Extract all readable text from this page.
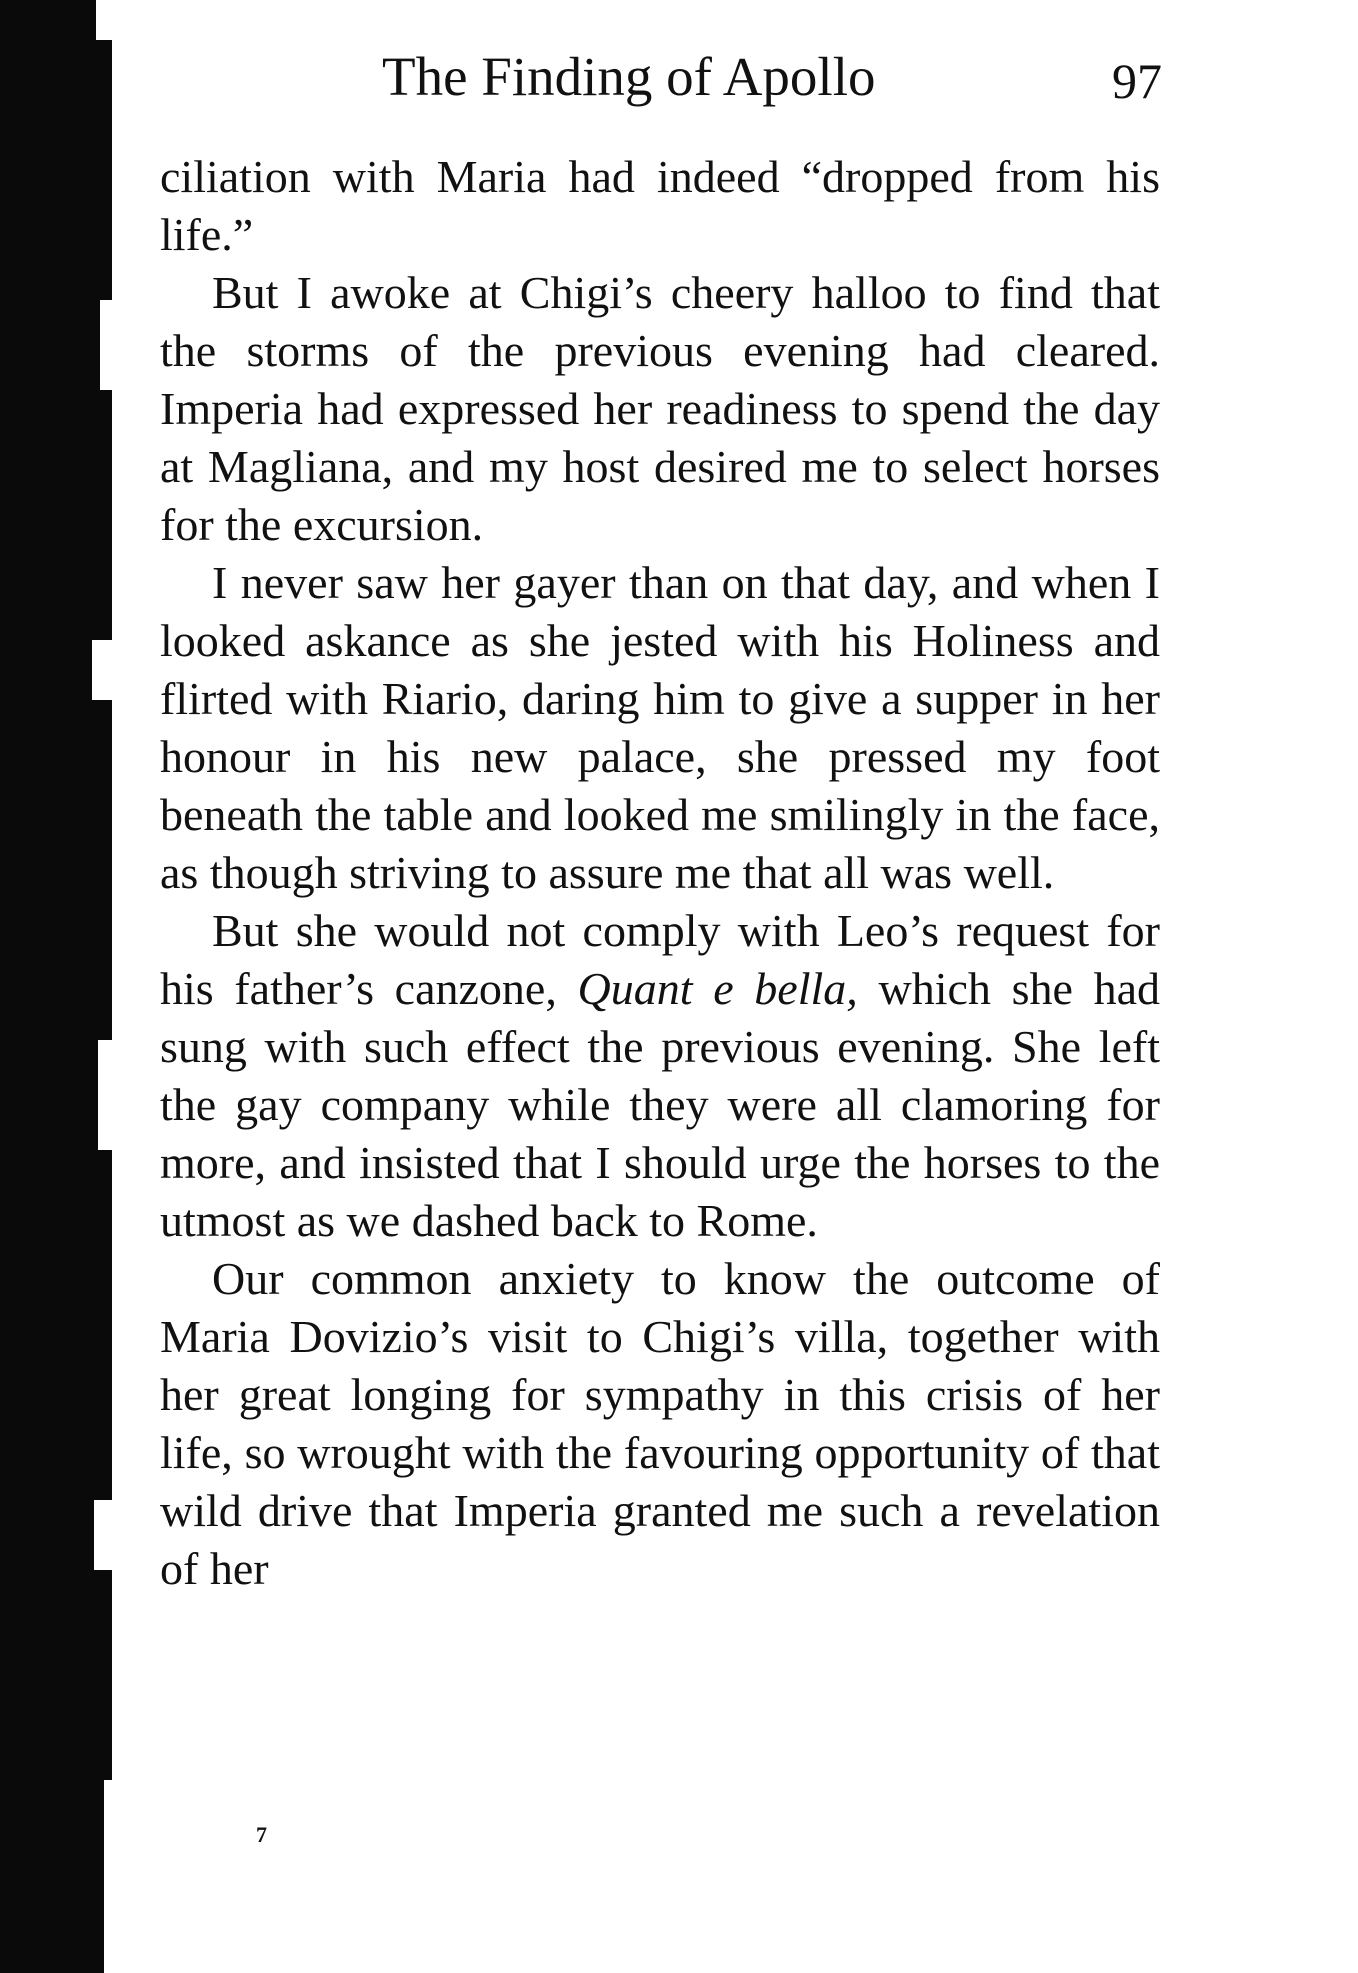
The Finding of Apollo	97

ciliation with Maria had indeed “dropped from his life.”

But I awoke at Chigi’s cheery halloo to find that the storms of the previous evening had cleared. Imperia had expressed her readiness to spend the day at Magliana, and my host desired me to select horses for the excursion.

I never saw her gayer than on that day, and when I looked askance as she jested with his Holiness and flirted with Riario, daring him to give a supper in her honour in his new palace, she pressed my foot beneath the table and looked me smilingly in the face, as though striving to assure me that all was well.

But she would not comply with Leo’s request for his father’s canzone, Quant e bella, which she had sung with such effect the previous evening. She left the gay company while they were all clamoring for more, and insisted that I should urge the horses to the utmost as we dashed back to Rome.

Our common anxiety to know the outcome of Maria Dovizio’s visit to Chigi’s villa, together with her great longing for sympathy in this crisis of her life, so wrought with the favouring opportunity of that wild drive that Imperia granted me such a revelation of her

7
